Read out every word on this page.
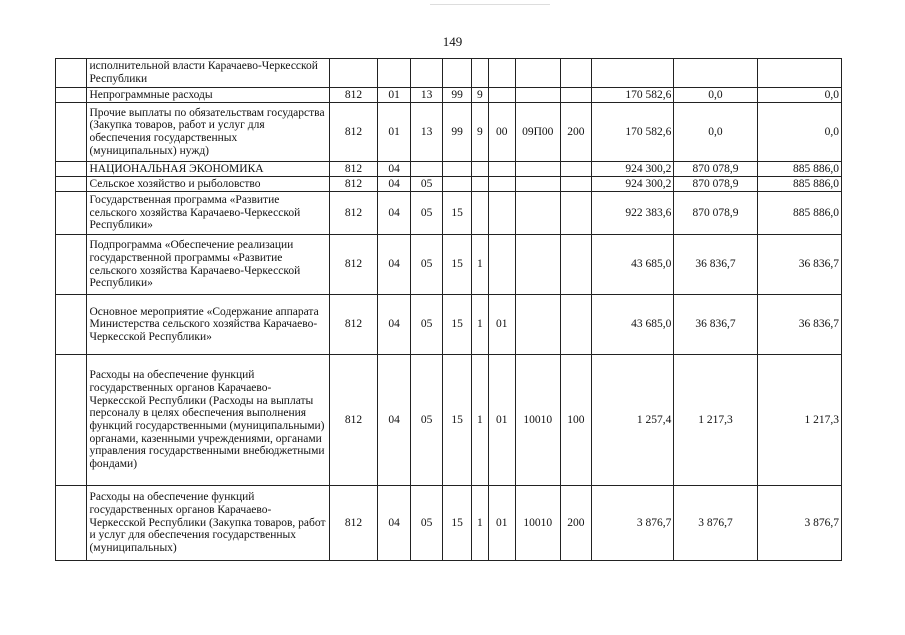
149
	исполнительной власти Карачаево-Черкесской Республики											
	Непрограммные расходы	812	01	13	99	9				170 582,6	0,0	0,0
	Прочие выплаты по обязательствам государства (Закупка товаров, работ и услуг для обеспечения государственных (муниципальных) нужд)	812	01	13	99	9	00	09П00	200	170 582,6	0,0	0,0
	НАЦИОНАЛЬНАЯ ЭКОНОМИКА	812	04							924 300,2	870 078,9	885 886,0
	Сельское хозяйство и рыболовство	812	04	05						924 300,2	870 078,9	885 886,0
	Государственная программа «Развитие сельского хозяйства Карачаево-Черкесской Республики»	812	04	05	15					922 383,6	870 078,9	885 886,0
	Подпрограмма «Обеспечение реализации государственной программы «Развитие сельского хозяйства Карачаево-Черкесской Республики»	812	04	05	15	1				43 685,0	36 836,7	36 836,7
	Основное мероприятие «Содержание аппарата Министерства сельского хозяйства Карачаево-Черкесской Республики»	812	04	05	15	1	01			43 685,0	36 836,7	36 836,7
	Расходы на обеспечение функций государственных органов Карачаево-Черкесской Республики (Расходы на выплаты персоналу в целях обеспечения выполнения функций государственными (муниципальными) органами, казенными учреждениями, органами управления государственными внебюджетными фондами)	812	04	05	15	1	01	10010	100	1 257,4	1 217,3	1 217,3
	Расходы на обеспечение функций государственных органов Карачаево-Черкесской Республики (Закупка товаров, работ и услуг для обеспечения государственных (муниципальных)	812	04	05	15	1	01	10010	200	3 876,7	3 876,7	3 876,7
